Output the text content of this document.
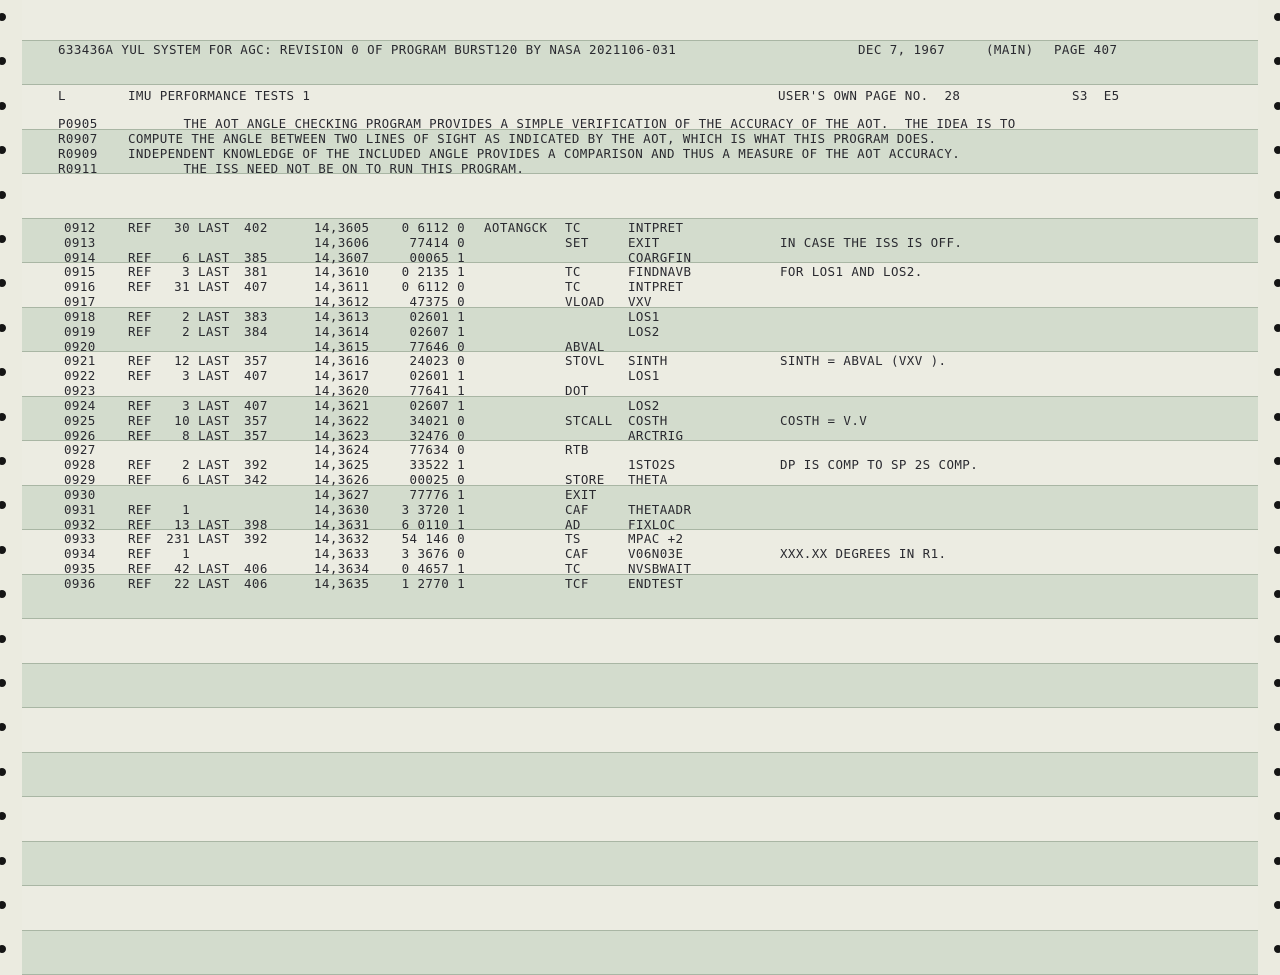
633436A YUL SYSTEM FOR AGC: REVISION 0 OF PROGRAM BURST120 BY NASA 2021106-031	DEC 7, 1967	(MAIN) PAGE 407
L	IMU PERFORMANCE TESTS 1	USER'S OWN PAGE NO.  28	S3  E5
P0905 THE AOT ANGLE CHECKING PROGRAM PROVIDES A SIMPLE VERIFICATION OF THE ACCURACY OF THE AOT.  THE IDEA IS TO
R0907 COMPUTE THE ANGLE BETWEEN TWO LINES OF SIGHT AS INDICATED BY THE AOT, WHICH IS WHAT THIS PROGRAM DOES.
R0909 INDEPENDENT KNOWLEDGE OF THE INCLUDED ANGLE PROVIDES A COMPARISON AND THUS A MEASURE OF THE AOT ACCURACY.
R0911 THE ISS NEED NOT BE ON TO RUN THIS PROGRAM.
0912	REF	30 LAST 402	14,3605	0 6112 0 AOTANGCK TC	INTPRET
0913	14,3606	77414 0	SET	EXIT	IN CASE THE ISS IS OFF.
0914	REF	6 LAST 385	14,3607	00065 1	COARGFIN
0915	REF	3 LAST 381	14,3610	0 2135 1	TC	FINDNAVB	FOR LOS1 AND LOS2.
0916	REF	31 LAST 407	14,3611	0 6112 0	TC	INTPRET
0917	14,3612	47375 0	VLOAD VXV
0918	REF	2 LAST 383	14,3613	02601 1	LOS1
0919	REF	2 LAST 384	14,3614	02607 1	LOS2
0920	14,3615	77646 0	ABVAL
0921	REF	12 LAST 357	14,3616	24023 0	STOVL SINTH	SINTH = ABVAL (VXV ).
0922	REF	3 LAST 407	14,3617	02601 1	LOS1
0923	14,3620	77641 1	DOT
0924	REF	3 LAST 407	14,3621	02607 1	LOS2
0925	REF	10 LAST 357	14,3622	34021 0	STCALL COSTH	COSTH = V.V
0926	REF	8 LAST 357	14,3623	32476 0	ARCTRIG
0927	14,3624	77634 0	RTB
0928	REF	2 LAST 392	14,3625	33522 1	1STO2S	DP IS COMP TO SP 2S COMP.
0929	REF	6 LAST 342	14,3626	00025 0	STORE THETA
0930	14,3627	77776 1	EXIT
0931	REF	1	14,3630	3 3720 1	CAF	THETAADR
0932	REF	13 LAST 398	14,3631	6 0110 1	AD	FIXLOC
0933	REF	231 LAST 392	14,3632	54 146 0	TS	MPAC +2
0934	REF	1	14,3633	3 3676 0	CAF	V06N03E	XXX.XX DEGREES IN R1.
0935	REF	42 LAST 406	14,3634	0 4657 1	TC	NVSBWAIT
0936	REF	22 LAST 406	14,3635	1 2770 1	TCF	ENDTEST
